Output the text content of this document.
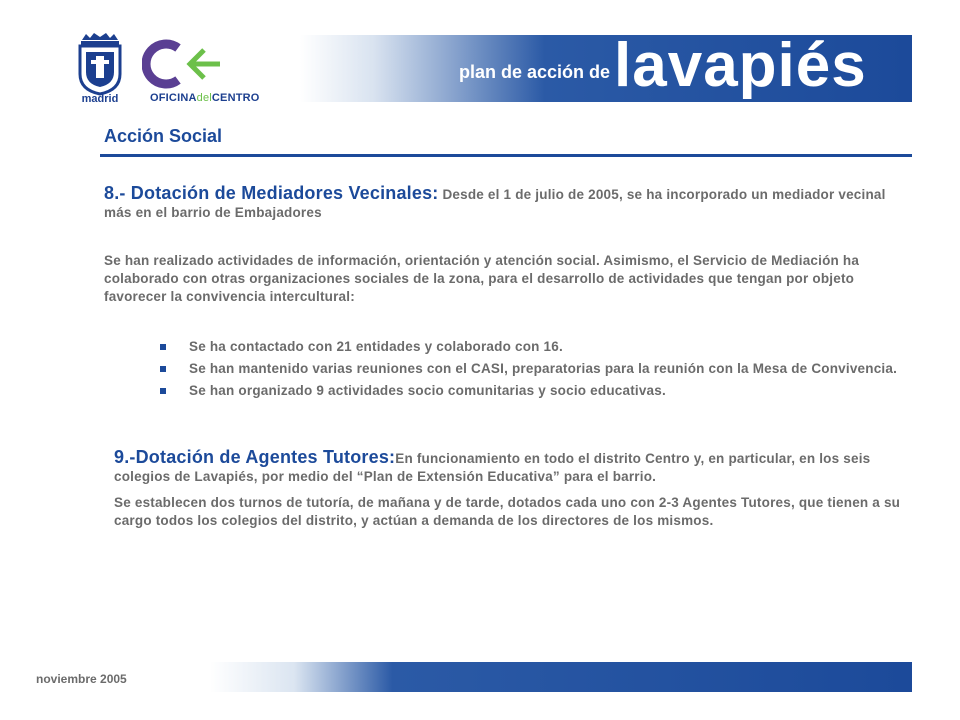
madrid	OFICINAdelCENTRO
plan de acción de lavapiés
Acción Social
8.- Dotación de Mediadores Vecinales: Desde el 1 de julio de 2005, se ha incorporado un mediador vecinal más en el barrio de Embajadores
Se han realizado actividades de información, orientación y atención social. Asimismo, el Servicio de Mediación ha colaborado con otras organizaciones sociales de la zona, para el desarrollo de actividades que tengan por objeto favorecer la convivencia intercultural:
Se ha contactado con 21 entidades y colaborado con 16.
Se han mantenido varias reuniones con el CASI, preparatorias para la reunión con la Mesa de Convivencia.
Se han organizado 9 actividades socio comunitarias y socio educativas.
9.-Dotación de Agentes Tutores:En funcionamiento en todo el distrito Centro y, en particular, en los seis colegios de Lavapiés, por medio del “Plan de Extensión Educativa” para el barrio.
Se establecen dos turnos de tutoría, de mañana y de tarde, dotados cada uno con 2-3 Agentes Tutores, que tienen a su cargo todos los colegios del distrito, y actúan a demanda de los directores de los mismos.
noviembre 2005
